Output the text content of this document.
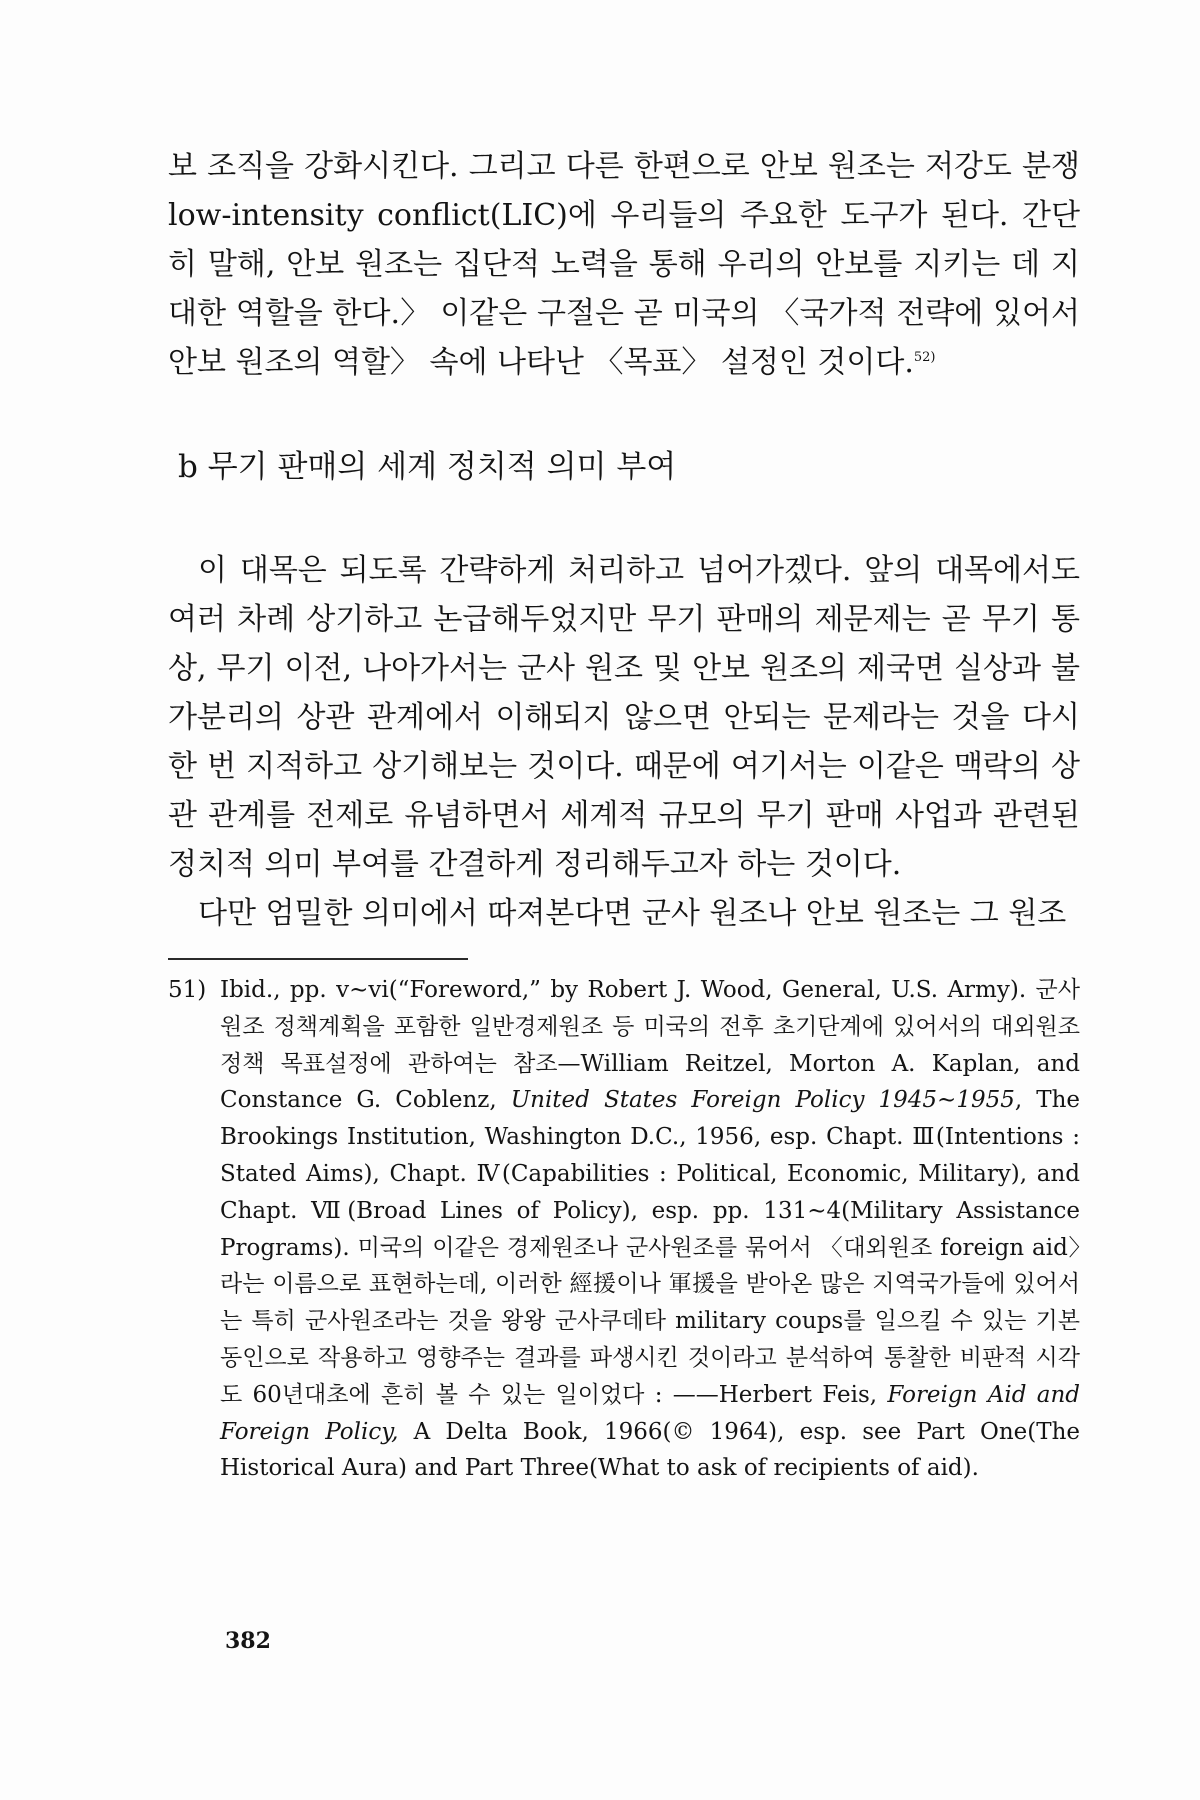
보 조직을 강화시킨다. 그리고 다른 한편으로 안보 원조는 저강도 분쟁 low-intensity conflict(LIC)에 우리들의 주요한 도구가 된다. 간단히 말해, 안보 원조는 집단적 노력을 통해 우리의 안보를 지키는 데 지대한 역할을 한다.〉 이같은 구절은 곧 미국의 〈국가적 전략에 있어서 안보 원조의 역할〉 속에 나타난 〈목표〉 설정인 것이다.$^{52)}$

b 무기 판매의 세계 정치적 의미 부여

이 대목은 되도록 간략하게 처리하고 넘어가겠다. 앞의 대목에서도 여러 차례 상기하고 논급해두었지만 무기 판매의 제문제는 곧 무기 통상, 무기 이전, 나아가서는 군사 원조 및 안보 원조의 제국면 실상과 불가분리의 상관 관계에서 이해되지 않으면 안되는 문제라는 것을 다시 한 번 지적하고 상기해보는 것이다. 때문에 여기서는 이같은 맥락의 상관 관계를 전제로 유념하면서 세계적 규모의 무기 판매 사업과 관련된 정치적 의미 부여를 간결하게 정리해두고자 하는 것이다.

다만 엄밀한 의미에서 따져본다면 군사 원조나 안보 원조는 그 원조

51) Ibid., pp. v∼vi(“Foreword,” by Robert J. Wood, General, U.S. Army). 군사원조 정책계획을 포함한 일반경제원조 등 미국의 전후 초기단계에 있어서의 대외원조 정책 목표설정에 관하여는 참조—William Reitzel, Morton A. Kaplan, and Constance G. Coblenz, United States Foreign Policy 1945∼1955, The Brookings Institution, Washington D.C., 1956, esp. Chapt. Ⅲ(Intentions : Stated Aims), Chapt. Ⅳ(Capabilities : Political, Economic, Military), and Chapt. Ⅶ(Broad Lines of Policy), esp. pp. 131∼4(Military Assistance Programs). 미국의 이같은 경제원조나 군사원조를 묶어서 〈대외원조 foreign aid〉라는 이름으로 표현하는데, 이러한 經援이나 軍援을 받아온 많은 지역국가들에 있어서는 특히 군사원조라는 것을 왕왕 군사쿠데타 military coups를 일으킬 수 있는 기본동인으로 작용하고 영향주는 결과를 파생시킨 것이라고 분석하여 통찰한 비판적 시각도 60년대초에 흔히 볼 수 있는 일이었다 : ——Herbert Feis, Foreign Aid and Foreign Policy, A Delta Book, 1966(© 1964), esp. see Part One(The Historical Aura) and Part Three(What to ask of recipients of aid).
382
